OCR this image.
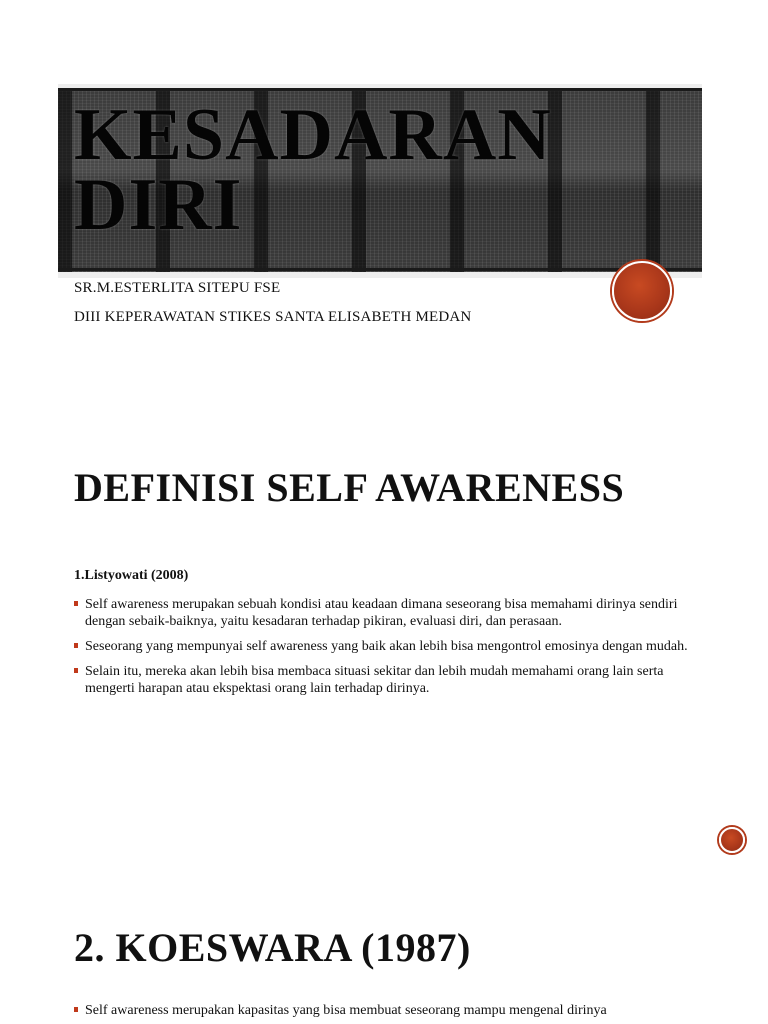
KESADARAN
DIRI
SR.M.ESTERLITA SITEPU FSE
DIII KEPERAWATAN STIKES SANTA ELISABETH MEDAN
DEFINISI SELF AWARENESS
1.Listyowati (2008)
Self awareness merupakan sebuah kondisi atau keadaan dimana seseorang bisa memahami dirinya sendiri dengan sebaik-baiknya, yaitu kesadaran terhadap pikiran, evaluasi diri, dan perasaan.
Seseorang yang mempunyai self awareness yang baik akan lebih bisa mengontrol emosinya dengan mudah.
Selain itu, mereka akan lebih bisa membaca situasi sekitar dan lebih mudah memahami orang lain serta mengerti harapan atau ekspektasi orang lain terhadap dirinya.
2. KOESWARA (1987)
Self awareness merupakan kapasitas yang bisa membuat seseorang mampu mengenal dirinya
